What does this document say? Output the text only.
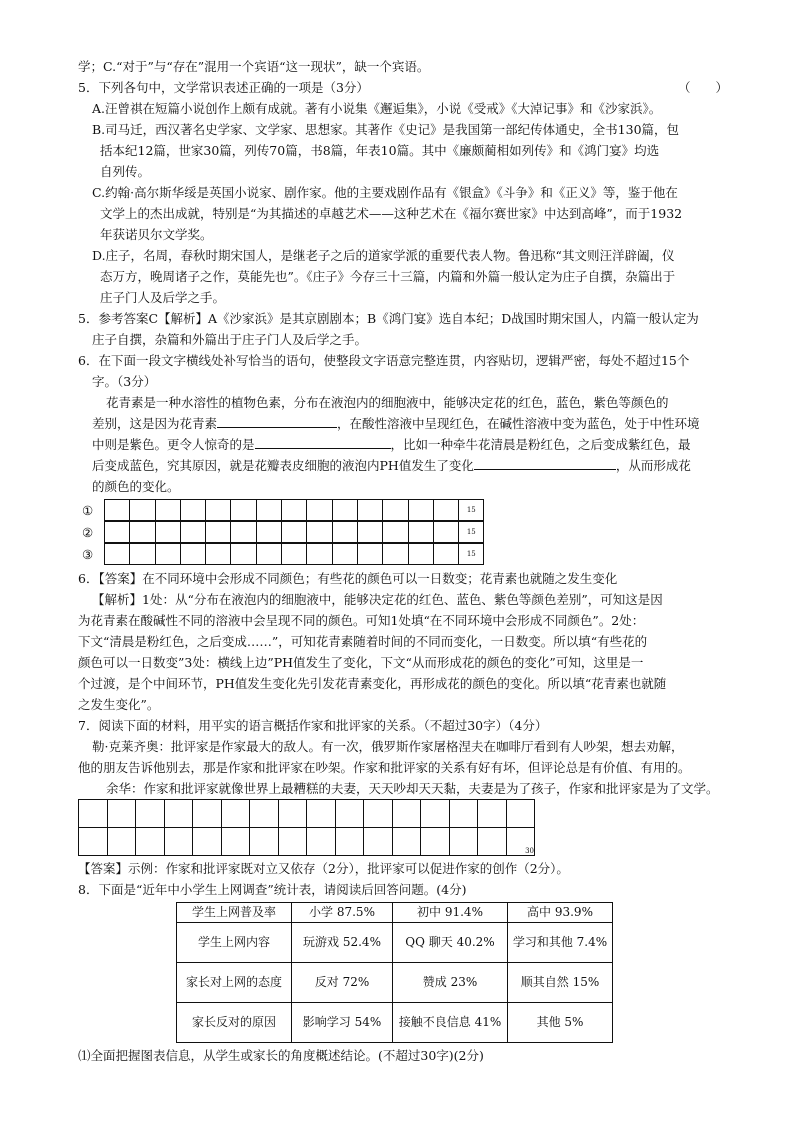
学；C.“对于”与“存在”混用一个宾语“这一现状”，缺一个宾语。

5．下列各句中，文学常识表述正确的一项是（3分）	（　　）

A.汪曾祺在短篇小说创作上颇有成就。著有小说集《邂逅集》，小说《受戒》《大淖记事》和《沙家浜》。

B.司马迁，西汉著名史学家、文学家、思想家。其著作《史记》是我国第一部纪传体通史，全书130篇，包

括本纪12篇，世家30篇，列传70篇，书8篇，年表10篇。其中《廉颇蔺相如列传》和《鸿门宴》均选

自列传。

C.约翰·高尔斯华绥是英国小说家、剧作家。他的主要戏剧作品有《银盒》《斗争》和《正义》等，鉴于他在

文学上的杰出成就，特别是“为其描述的卓越艺术——这种艺术在《福尔赛世家》中达到高峰”，而于1932

年获诺贝尔文学奖。

D.庄子，名周，春秋时期宋国人，是继老子之后的道家学派的重要代表人物。鲁迅称“其文则汪洋辟阖，仪

态万方，晚周诸子之作，莫能先也”。《庄子》今存三十三篇，内篇和外篇一般认定为庄子自撰，杂篇出于

庄子门人及后学之手。

5．参考答案C【解析】A《沙家浜》是其京剧剧本；B《鸿门宴》选自本纪；D战国时期宋国人，内篇一般认定为

庄子自撰，杂篇和外篇出于庄子门人及后学之手。

6．在下面一段文字横线处补写恰当的语句，使整段文字语意完整连贯，内容贴切，逻辑严密，每处不超过15个

字。（3分）

花青素是一种水溶性的植物色素，分布在液泡内的细胞液中，能够决定花的红色，蓝色，紫色等颜色的

差别，这是因为花青素	，在酸性溶液中呈现红色，在碱性溶液中变为蓝色，处于中性环境

中则是紫色。更令人惊奇的是	，比如一种牵牛花清晨是粉红色，之后变成紫红色，最

后变成蓝色，究其原因，就是花瓣表皮细胞的液泡内PH值发生了变化	，从而形成花

的颜色的变化。

①
															15
②
															15
③
															15

6．【答案】在不同环境中会形成不同颜色；有些花的颜色可以一日数变；花青素也就随之发生变化

【解析】1处：从“分布在液泡内的细胞液中，能够决定花的红色、蓝色、紫色等颜色差别”，可知这是因

为花青素在酸碱性不同的溶液中会呈现不同的颜色。可知1处填“在不同环境中会形成不同颜色”。2处：

下文“清晨是粉红色，之后变成……”，可知花青素随着时间的不同而变化，一日数变。所以填“有些花的

颜色可以一日数变”3处：横线上边”PH值发生了变化，下文“从而形成花的颜色的变化”可知，这里是一

个过渡，是个中间环节，PH值发生变化先引发花青素变化，再形成花的颜色的变化。所以填“花青素也就随

之发生变化”。

7．阅读下面的材料，用平实的语言概括作家和批评家的关系。（不超过30字）（4分）

勒·克莱齐奥：批评家是作家最大的敌人。有一次，俄罗斯作家屠格涅夫在咖啡厅看到有人吵架，想去劝解，

他的朋友告诉他别去，那是作家和批评家在吵架。作家和批评家的关系有好有坏，但评论总是有价值、有用的。

余华：作家和批评家就像世界上最糟糕的夫妻，天天吵却天天黏，夫妻是为了孩子，作家和批评家是为了文学。

															30

【答案】示例：作家和批评家既对立又依存（2分），批评家可以促进作家的创作（2分）。

8．下面是“近年中小学生上网调查”统计表，请阅读后回答问题。(4分)

学生上网普及率	小学 87.5%	初中 91.4%	高中 93.9%
学生上网内容	玩游戏 52.4%	QQ 聊天 40.2%	学习和其他 7.4%
家长对上网的态度	反对 72%	赞成 23%	顺其自然 15%
家长反对的原因	影响学习 54%	接触不良信息 41%	其他 5%

⑴全面把握图表信息，从学生或家长的角度概述结论。(不超过30字)(2分)
